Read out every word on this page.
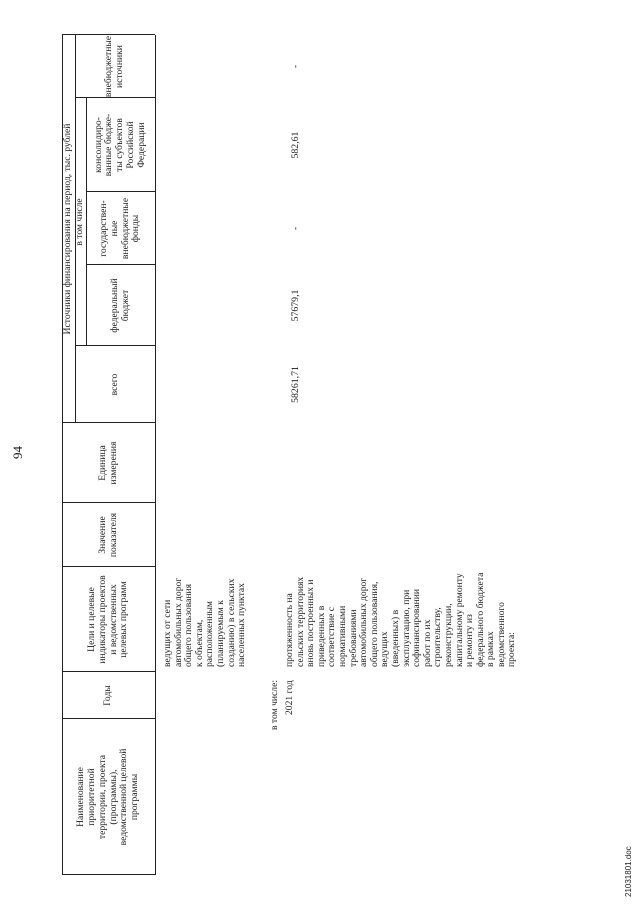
94
Наименование
приоритетной
территории, проекта
(программы),
ведомственной целевой
программы
Годы
Цели и целевые
индикаторы проектов
и ведомственных
целевых программ
Значение
показателя
Единица
измерения
Источники финансирования на период, тыс. рублей
всего
в том числе
федеральный
бюджет
государствен-
ные
внебюджетные
фонды
консолидиро-
ванные бюдже-
ты субъектов
Российской
Федерации
внебюджетные
источники
ведущих от сети
автомобильных дорог
общего пользования
к объектам,
расположенным
(планируемым к
созданию) в сельских
населенных пунктах
в том числе: 2021 год
протяженность на
сельских территориях
вновь построенных и
приведенных в
соответствие с
нормативными
требованиями
автомобильных дорог
общего пользования,
ведущих
(введенных) в
эксплуатацию, при
софинансировании
работ по их
строительству,
реконструкции,
капитальному ремонту
и ремонту из
федерального бюджета
в рамках
ведомственного
проекта:
58261,71
57679,1
-
582,61
-
21031801.doc
